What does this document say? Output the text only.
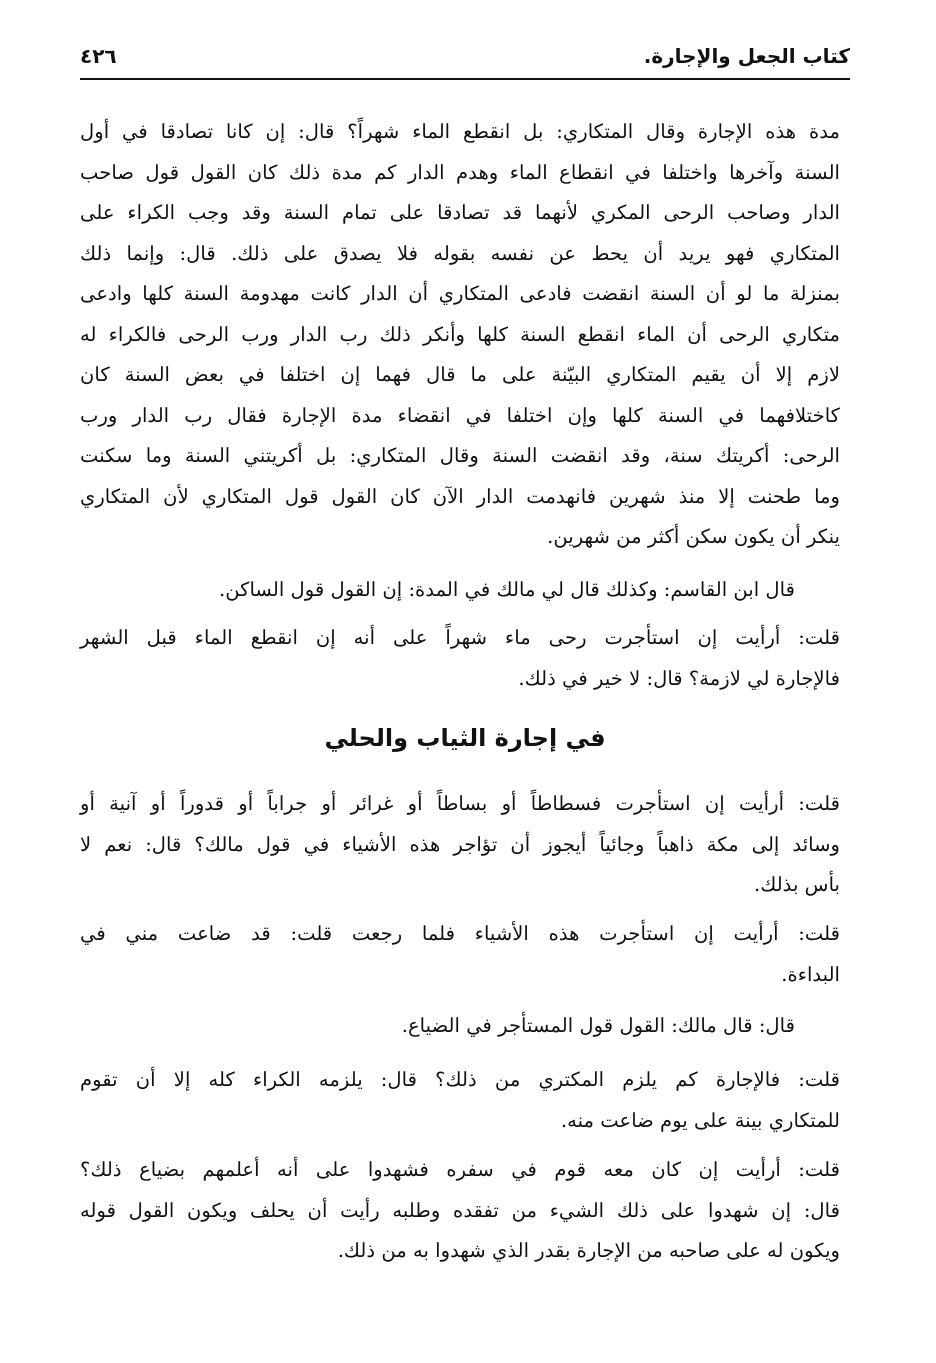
كتاب الجعل والإجارة.
٤٢٦
مدة هذه الإجارة وقال المتكاري: بل انقطع الماء شهراً؟ قال: إن كانا تصادقا في أول
السنة وآخرها واختلفا في انقطاع الماء وهدم الدار كم مدة ذلك كان القول قول صاحب
الدار وصاحب الرحى المكري لأنهما قد تصادقا على تمام السنة وقد وجب الكراء على
المتكاري فهو يريد أن يحط عن نفسه بقوله فلا يصدق على ذلك. قال: وإنما ذلك
بمنزلة ما لو أن السنة انقضت فادعى المتكاري أن الدار كانت مهدومة السنة كلها وادعى
متكاري الرحى أن الماء انقطع السنة كلها وأنكر ذلك رب الدار ورب الرحى فالكراء له
لازم إلا أن يقيم المتكاري البيّنة على ما قال فهما إن اختلفا في بعض السنة كان
كاختلافهما في السنة كلها وإن اختلفا في انقضاء مدة الإجارة فقال رب الدار ورب
الرحى: أكريتك سنة، وقد انقضت السنة وقال المتكاري: بل أكريتني السنة وما سكنت
وما طحنت إلا منذ شهرين فانهدمت الدار الآن كان القول قول المتكاري لأن المتكاري
ينكر أن يكون سكن أكثر من شهرين.
قال ابن القاسم: وكذلك قال لي مالك في المدة: إن القول قول الساكن.
قلت: أرأيت إن استأجرت رحى ماء شهراً على أنه إن انقطع الماء قبل الشهر
فالإجارة لي لازمة؟ قال: لا خير في ذلك.
في إجارة الثياب والحلي
قلت: أرأيت إن استأجرت فسطاطاً أو بساطاً أو غرائر أو جراباً أو قدوراً أو آنية أو
وسائد إلى مكة ذاهباً وجائياً أيجوز أن تؤاجر هذه الأشياء في قول مالك؟ قال: نعم لا
بأس بذلك.
قلت: أرأيت إن استأجرت هذه الأشياء فلما رجعت قلت: قد ضاعت مني في
البداءة.
قال: قال مالك: القول قول المستأجر في الضياع.
قلت: فالإجارة كم يلزم المكتري من ذلك؟ قال: يلزمه الكراء كله إلا أن تقوم
للمتكاري بينة على يوم ضاعت منه.
قلت: أرأيت إن كان معه قوم في سفره فشهدوا على أنه أعلمهم بضياع ذلك؟
قال: إن شهدوا على ذلك الشيء من تفقده وطلبه رأيت أن يحلف ويكون القول قوله
ويكون له على صاحبه من الإجارة بقدر الذي شهدوا به من ذلك.
